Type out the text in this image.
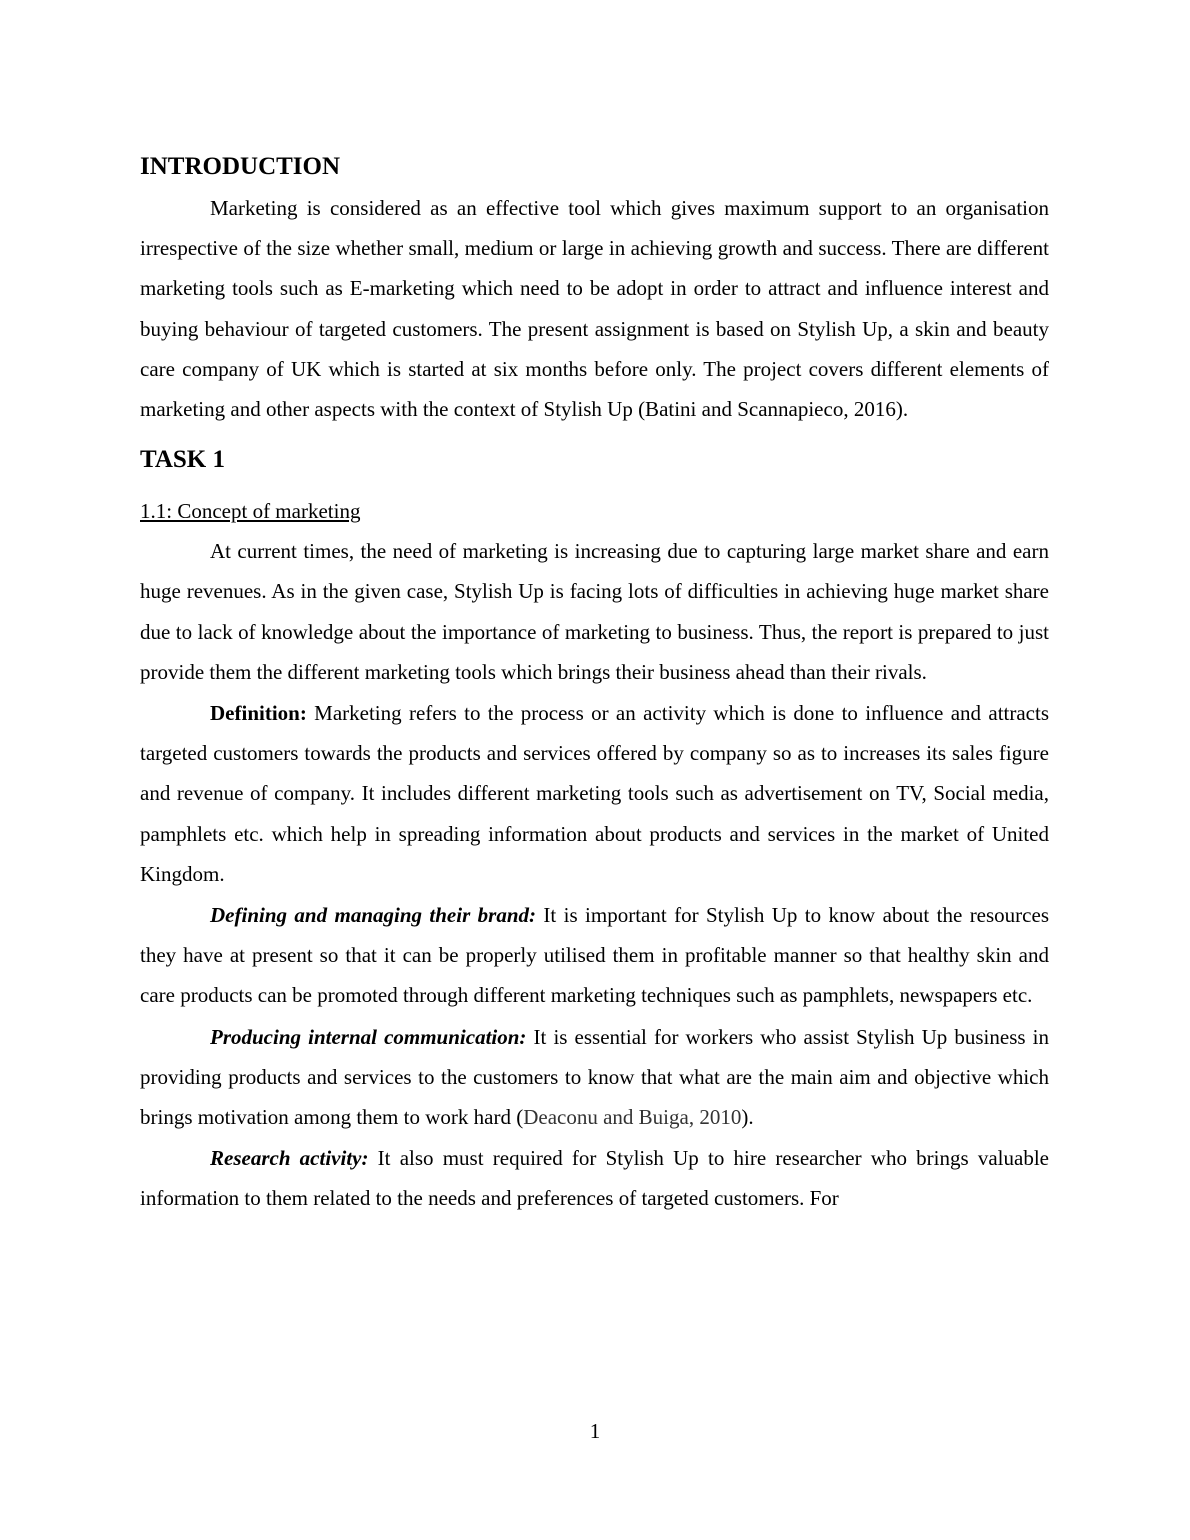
INTRODUCTION

Marketing is considered as an effective tool which gives maximum support to an organisation irrespective of the size whether small, medium or large in achieving growth and success. There are different marketing tools such as E-marketing which need to be adopt in order to attract and influence interest and buying behaviour of targeted customers. The present assignment is based on Stylish Up, a skin and beauty care company of UK which is started at six months before only. The project covers different elements of marketing and other aspects with the context of Stylish Up (Batini and Scannapieco, 2016).

TASK 1
1.1: Concept of marketing

At current times, the need of marketing is increasing due to capturing large market share and earn huge revenues. As in the given case, Stylish Up is facing lots of difficulties in achieving huge market share due to lack of knowledge about the importance of marketing to business. Thus, the report is prepared to just provide them the different marketing tools which brings their business ahead than their rivals.

Definition: Marketing refers to the process or an activity which is done to influence and attracts targeted customers towards the products and services offered by company so as to increases its sales figure and revenue of company. It includes different marketing tools such as advertisement on TV, Social media, pamphlets etc. which help in spreading information about products and services in the market of United Kingdom.

Defining and managing their brand: It is important for Stylish Up to know about the resources they have at present so that it can be properly utilised them in profitable manner so that healthy skin and care products can be promoted through different marketing techniques such as pamphlets, newspapers etc.

Producing internal communication: It is essential for workers who assist Stylish Up business in providing products and services to the customers to know that what are the main aim and objective which brings motivation among them to work hard (Deaconu and Buiga, 2010).

Research activity: It also must required for Stylish Up to hire researcher who brings valuable information to them related to the needs and preferences of targeted customers. For

1
